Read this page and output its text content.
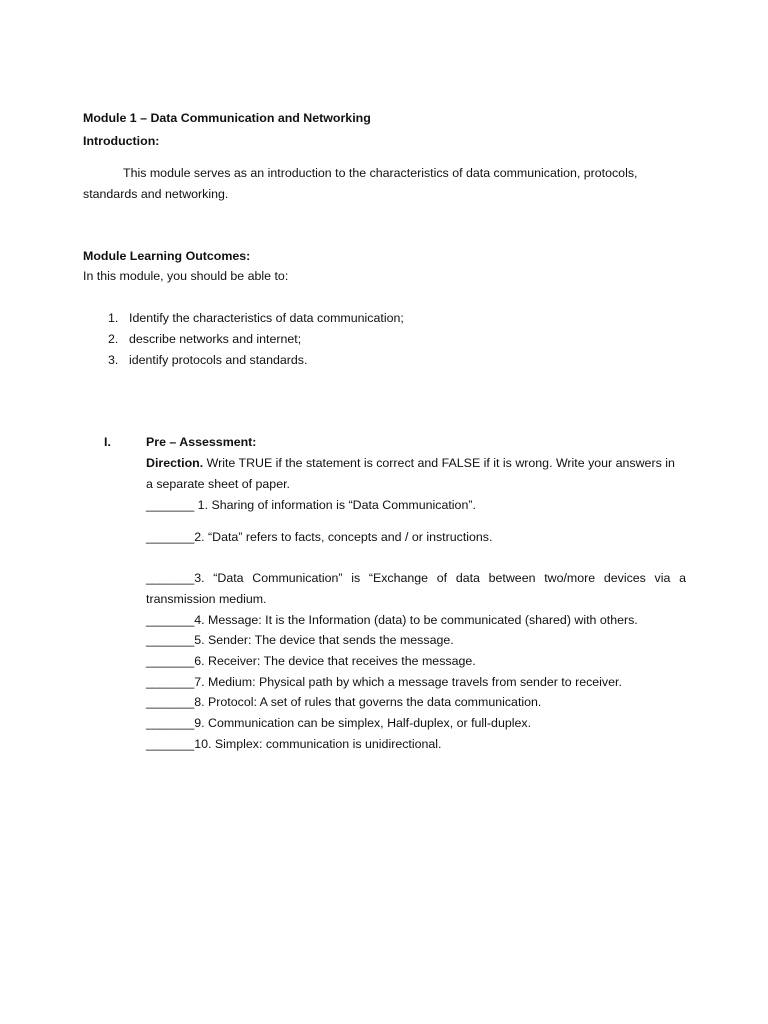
Module 1 – Data Communication and Networking
Introduction:
This module serves as an introduction to the characteristics of data communication, protocols,
standards and networking.
Module Learning Outcomes:
In this module, you should be able to:
1. Identify the characteristics of data communication;
2. describe networks and internet;
3. identify protocols and standards.
I.	Pre – Assessment:
Direction. Write TRUE if the statement is correct and FALSE if it is wrong. Write your answers in
a separate sheet of paper.
_______ 1. Sharing of information is “Data Communication”.
_______2. “Data” refers to facts, concepts and / or instructions.
_______3. “Data Communication” is “Exchange of data between two/more devices via a
transmission medium.
_______4. Message: It is the Information (data) to be communicated (shared) with others.
_______5. Sender: The device that sends the message.
_______6. Receiver: The device that receives the message.
_______7. Medium: Physical path by which a message travels from sender to receiver.
_______8. Protocol: A set of rules that governs the data communication.
_______9. Communication can be simplex, Half-duplex, or full-duplex.
_______10. Simplex: communication is unidirectional.
